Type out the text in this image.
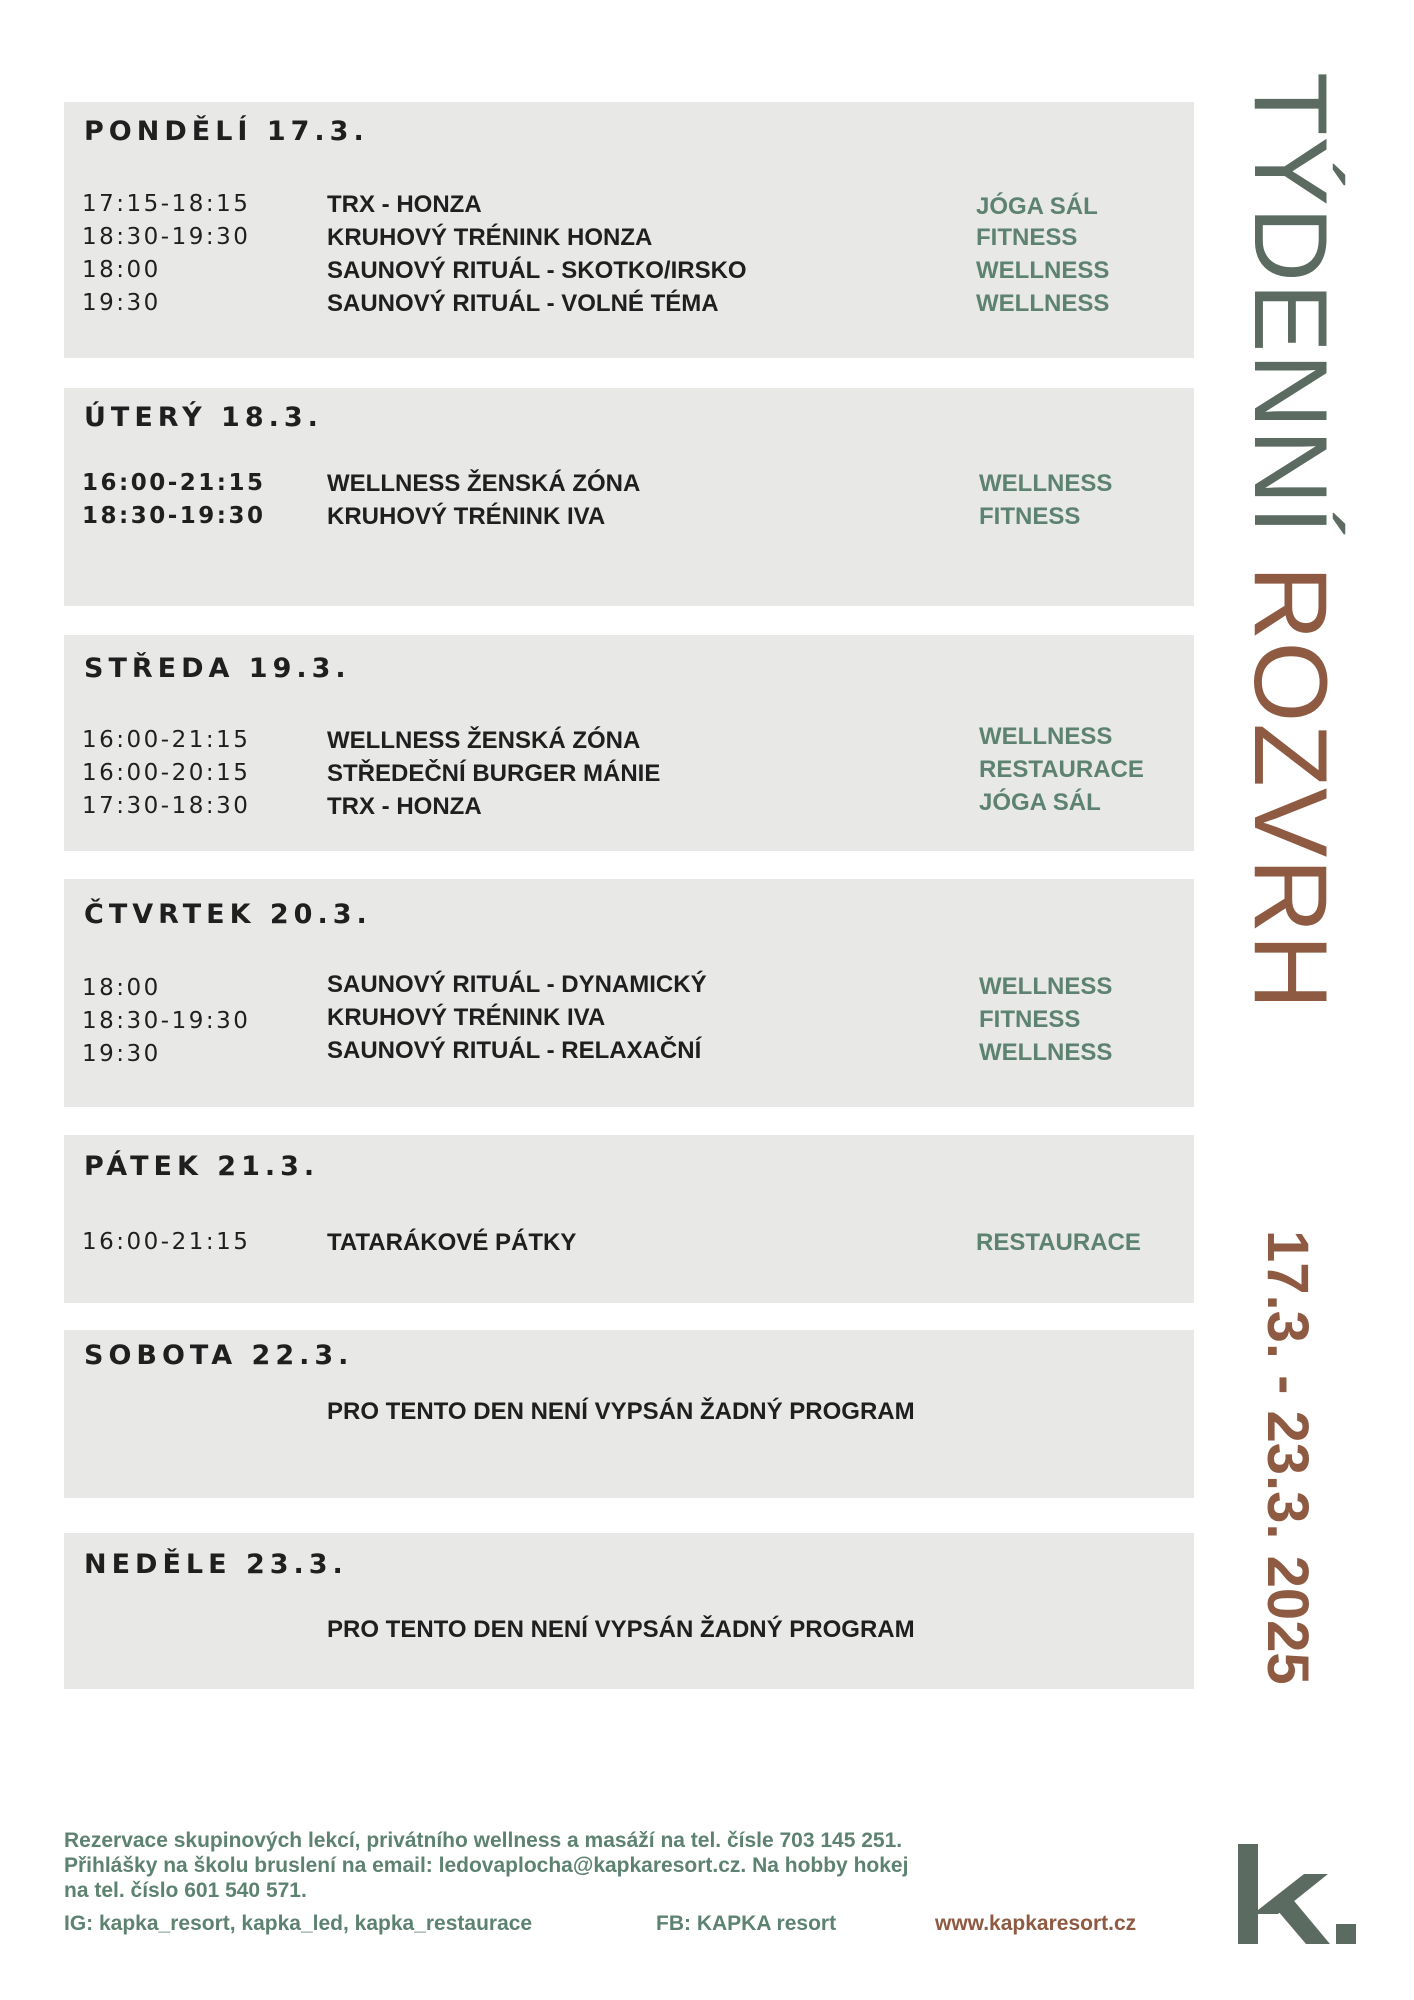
PONDĚLÍ 17.3.
17:15-18:15	TRX - HONZA	JÓGA SÁL
18:30-19:30	KRUHOVÝ TRÉNINK HONZA	FITNESS
18:00	SAUNOVÝ RITUÁL - SKOTKO/IRSKO	WELLNESS
19:30	SAUNOVÝ RITUÁL - VOLNÉ TÉMA	WELLNESS
ÚTERÝ 18.3.
16:00-21:15	WELLNESS ŽENSKÁ ZÓNA	WELLNESS
18:30-19:30	KRUHOVÝ TRÉNINK IVA	FITNESS
STŘEDA 19.3.
16:00-21:15	WELLNESS ŽENSKÁ ZÓNA	WELLNESS
16:00-20:15	STŘEDEČNÍ BURGER MÁNIE	RESTAURACE
17:30-18:30	TRX - HONZA	JÓGA SÁL
ČTVRTEK 20.3.
18:00	SAUNOVÝ RITUÁL - DYNAMICKÝ	WELLNESS
18:30-19:30	KRUHOVÝ TRÉNINK IVA	FITNESS
19:30	SAUNOVÝ RITUÁL - RELAXAČNÍ	WELLNESS
PÁTEK 21.3.
16:00-21:15	TATARÁKOVÉ PÁTKY	RESTAURACE
SOBOTA 22.3.
PRO TENTO DEN NENÍ VYPSÁN ŽADNÝ PROGRAM
NEDĚLE 23.3.
PRO TENTO DEN NENÍ VYPSÁN ŽADNÝ PROGRAM
TÝDENNÍ ROZVRH
17.3. - 23.3. 2025
Rezervace skupinových lekcí, privátního wellness a masáží na tel. čísle 703 145 251.
Přihlášky na školu bruslení na email: ledovaplocha@kapkaresort.cz. Na hobby hokej
na tel. číslo 601 540 571.
IG: kapka_resort, kapka_led, kapka_restaurace	FB: KAPKA resort	www.kapkaresort.cz
